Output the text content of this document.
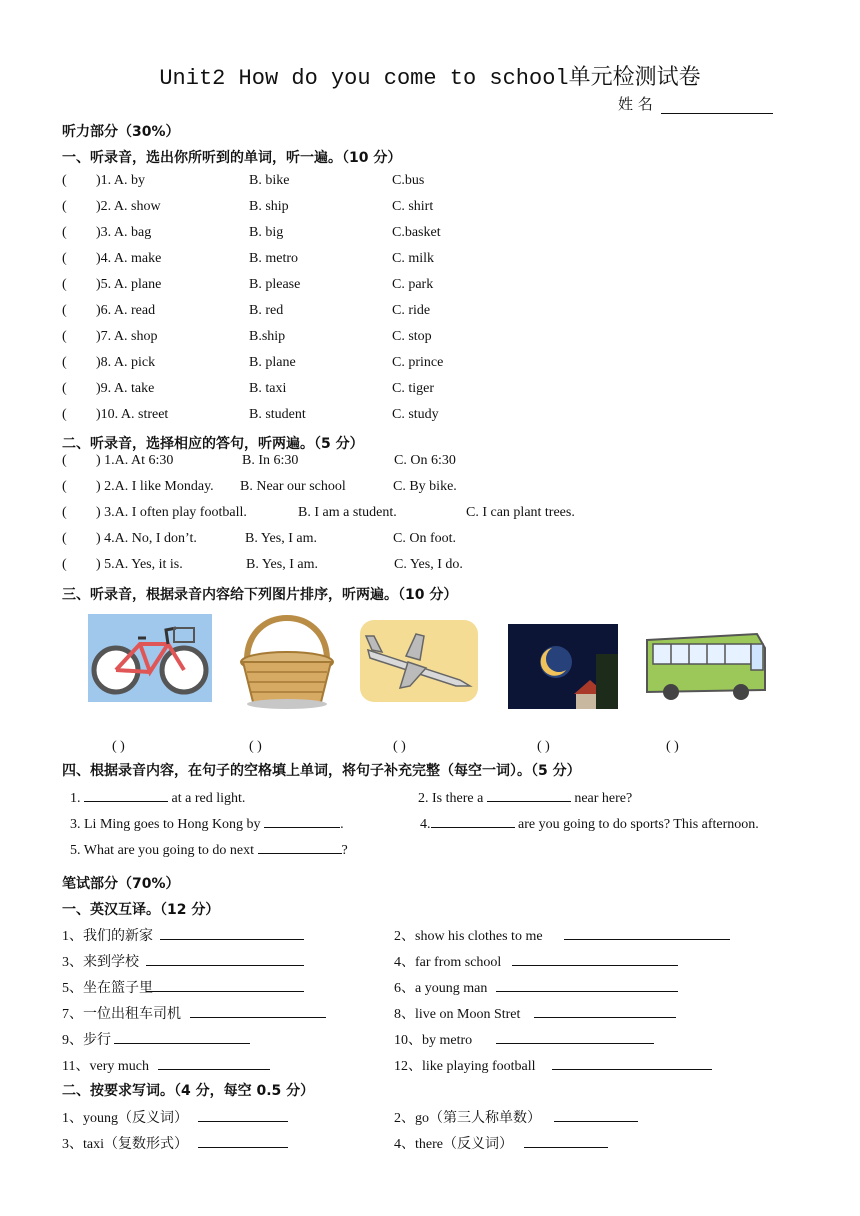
Unit2 How do you come to school单元检测试卷
姓 名
听力部分（30%）
一、听录音，选出你所听到的单词，听一遍。（10 分）
( )1. A. by	B. bike	C.bus
( )2. A. show	B. ship	C. shirt
( )3. A. bag	B. big	C.basket
( )4. A. make	B. metro	C. milk
( )5. A. plane	B. please	C. park
( )6. A. read	B. red	C. ride
( )7. A. shop	B.ship	C. stop
( )8. A. pick	B. plane	C. prince
( )9. A. take	B. taxi	C. tiger
( )10. A. street	B. student	C. study
二、听录音，选择相应的答句，听两遍。（5 分）
( ) 1.A. At 6:30	B. In 6:30	C. On 6:30
( ) 2.A. I like Monday. B. Near our school	C. By bike.
( ) 3.A. I often play football.	B. I am a student.	C. I can plant trees.
( ) 4.A. No, I don’t.	B. Yes, I am.	C. On foot.
( ) 5.A. Yes, it is.	B. Yes, I am.	C. Yes, I do.
三、听录音，根据录音内容给下列图片排序，听两遍。（10 分）
( )	( )	( )	( )	( )
四、根据录音内容，在句子的空格填上单词，将句子补充完整（每空一词）。（5 分）
1.	at a red light.	2. Is there a	near here?
3. Li Ming goes to Hong Kong by	.	4.	are you going to do sports? This afternoon.
5. What are you going to do next	?
笔试部分（70%）
一、英汉互译。（12 分）
1、我们的新家	2、show his clothes to me
3、来到学校	4、far from school
5、坐在篮子里	6、a young man
7、一位出租车司机	8、live on Moon Stret
9、步行	10、by metro
11、very much	12、like playing football
二、按要求写词。（4 分，每空 0.5 分）
1、young（反义词）	2、go（第三人称单数）
3、taxi（复数形式）	4、there（反义词）
